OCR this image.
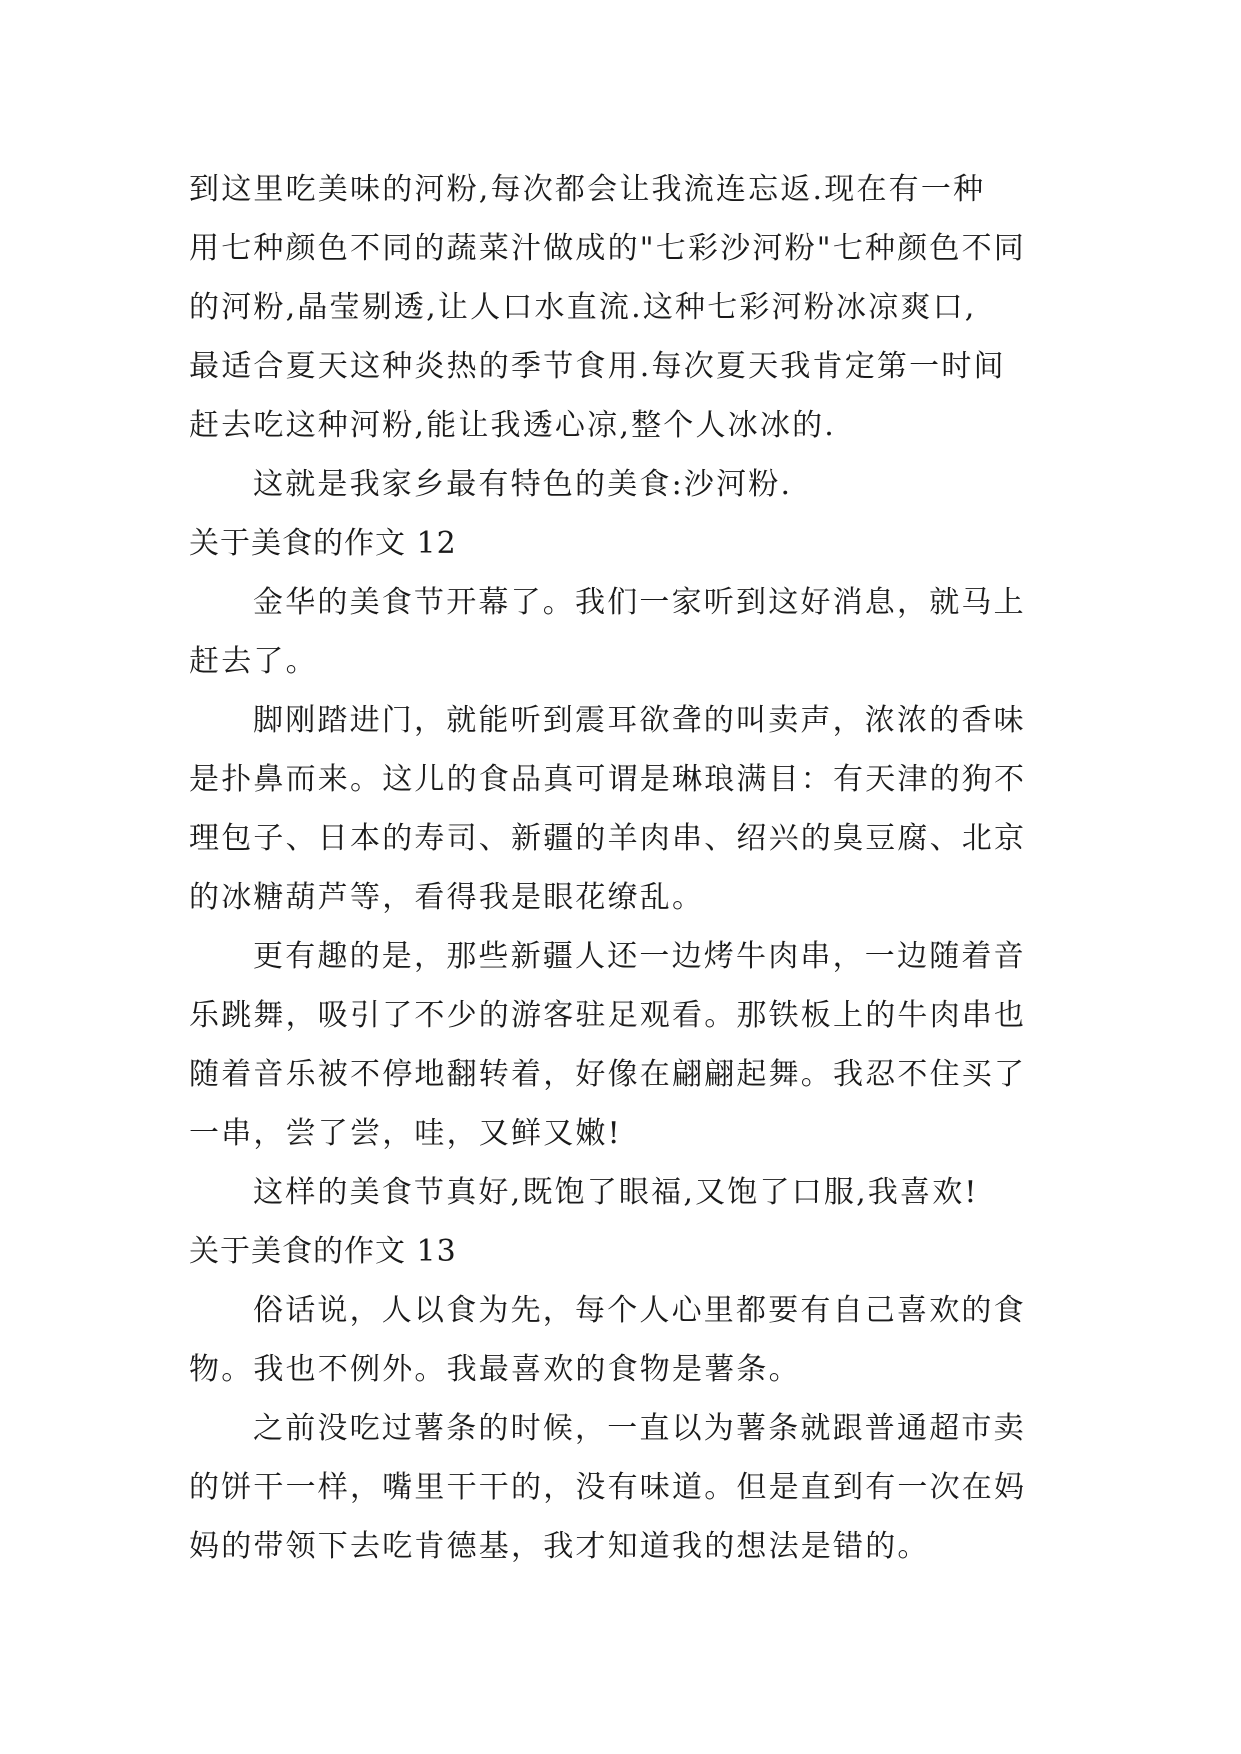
到这里吃美味的河粉,每次都会让我流连忘返.现在有一种
用七种颜色不同的蔬菜汁做成的"七彩沙河粉"七种颜色不同
的河粉,晶莹剔透,让人口水直流.这种七彩河粉冰凉爽口,
最适合夏天这种炎热的季节食用.每次夏天我肯定第一时间
赶去吃这种河粉,能让我透心凉,整个人冰冰的.
这就是我家乡最有特色的美食:沙河粉.
关于美食的作文 12
金华的美食节开幕了。我们一家听到这好消息，就马上
赶去了。
脚刚踏进门，就能听到震耳欲聋的叫卖声，浓浓的香味
是扑鼻而来。这儿的食品真可谓是琳琅满目：有天津的狗不
理包子、日本的寿司、新疆的羊肉串、绍兴的臭豆腐、北京
的冰糖葫芦等，看得我是眼花缭乱。
更有趣的是，那些新疆人还一边烤牛肉串，一边随着音
乐跳舞，吸引了不少的游客驻足观看。那铁板上的牛肉串也
随着音乐被不停地翻转着，好像在翩翩起舞。我忍不住买了
一串，尝了尝，哇，又鲜又嫩!
这样的美食节真好,既饱了眼福,又饱了口服,我喜欢!
关于美食的作文 13
俗话说，人以食为先，每个人心里都要有自己喜欢的食
物。我也不例外。我最喜欢的食物是薯条。
之前没吃过薯条的时候，一直以为薯条就跟普通超市卖
的饼干一样，嘴里干干的，没有味道。但是直到有一次在妈
妈的带领下去吃肯德基，我才知道我的想法是错的。
